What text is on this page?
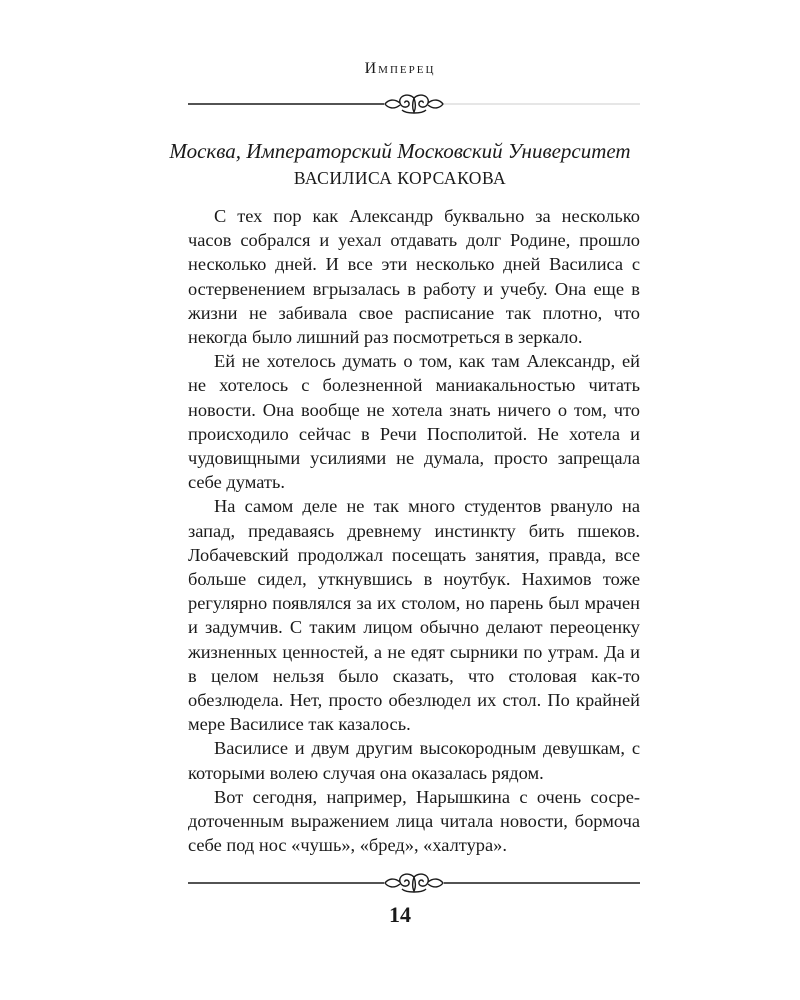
Имперец
Москва, Императорский Московский Университет
ВАСИЛИСА КОРСАКОВА

С тех пор как Александр буквально за несколько часов собрался и уехал отдавать долг Родине, прошло несколько дней. И все эти несколько дней Василиса с остервенением вгрызалась в работу и учебу. Она еще в жизни не забивала свое расписание так плотно, что некогда было лишний раз посмотреться в зеркало.

Ей не хотелось думать о том, как там Александр, ей не хотелось с болезненной маниакальностью читать новости. Она вообще не хотела знать ничего о том, что происходило сейчас в Речи Посполитой. Не хотела и чудовищными усилиями не думала, просто запрещала себе думать.

На самом деле не так много студентов рвануло на запад, предаваясь древнему инстинкту бить пшеков. Лобачевский продолжал посещать занятия, правда, все больше сидел, уткнувшись в ноутбук. Нахимов тоже регулярно появлялся за их столом, но парень был мрачен и задумчив. С таким лицом обычно делают переоценку жизненных ценностей, а не едят сырники по утрам. Да и в целом нельзя было сказать, что столовая как-то обезлюдела. Нет, просто обезлюдел их стол. По крайней мере Василисе так казалось.

Василисе и двум другим высокородным девушкам, с которыми волею случая она оказалась рядом.

Вот сегодня, например, Нарышкина с очень сосредоточенным выражением лица читала новости, бормоча себе под нос «чушь», «бред», «халтура».

14
